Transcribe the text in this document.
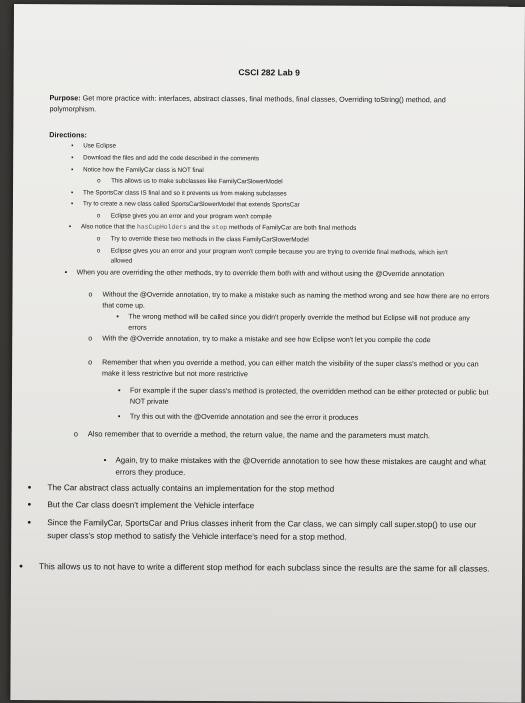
CSCI 282 Lab 9
Purpose: Get more practice with: interfaces, abstract classes, final methods, final classes, Overriding toString() method, and polymorphism.
Directions:
▪ Use Eclipse
▪ Download the files and add the code described in the comments
▪ Notice how the FamilyCar class is NOT final
o This allows us to make subclasses like FamilyCarSlowerModel
▪ The SportsCar class IS final and so it prevents us from making subclasses
▪ Try to create a new class called SportsCarSlowerModel that extends SportsCar
o Eclipse gives you an error and your program won't compile
▪ Also notice that the hasCupHolders and the stop methods of FamilyCar are both final methods
o Try to override these two methods in the class FamilyCarSlowerModel
o Eclipse gives you an error and your program won't compile because you are trying to override final methods, which isn't allowed
▪ When you are overriding the other methods, try to override them both with and without using the @Override annotation
o Without the @Override annotation, try to make a mistake such as naming the method wrong and see how there are no errors that come up.
▪ The wrong method will be called since you didn't properly override the method but Eclipse will not produce any errors
o With the @Override annotation, try to make a mistake and see how Eclipse won't let you compile the code
o Remember that when you override a method, you can either match the visibility of the super class's method or you can make it less restrictive but not more restrictive
▪ For example if the super class's method is protected, the overridden method can be either protected or public but NOT private
▪ Try this out with the @Override annotation and see the error it produces
o Also remember that to override a method, the return value, the name and the parameters must match.
▪ Again, try to make mistakes with the @Override annotation to see how these mistakes are caught and what errors they produce.
● The Car abstract class actually contains an implementation for the stop method
● But the Car class doesn't implement the Vehicle interface
● Since the FamilyCar, SportsCar and Prius classes inherit from the Car class, we can simply call super.stop() to use our super class's stop method to satisfy the Vehicle interface's need for a stop method.
● This allows us to not have to write a different stop method for each subclass since the results are the same for all classes.
